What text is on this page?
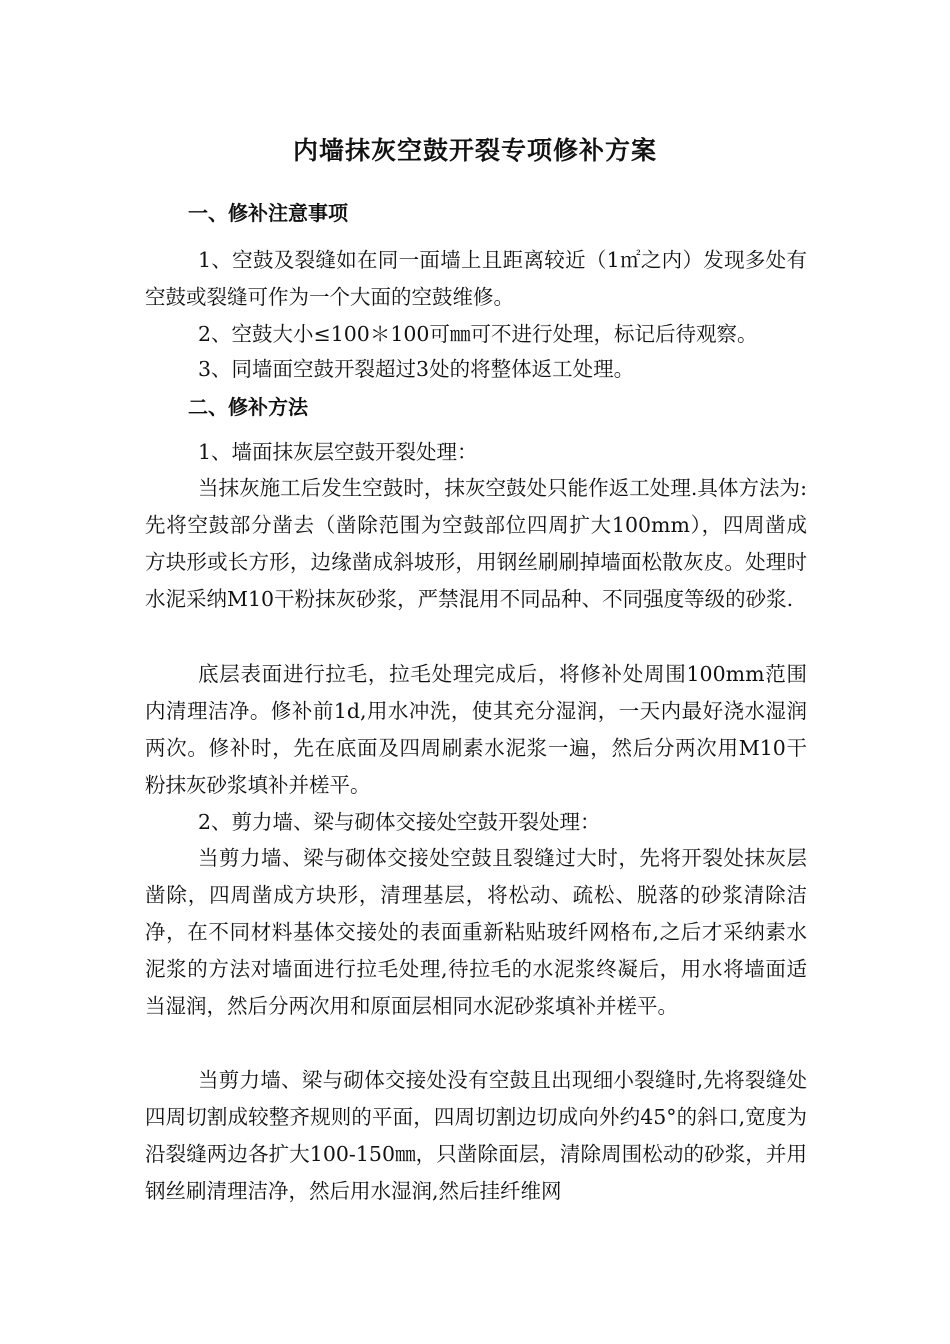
内墙抹灰空鼓开裂专项修补方案
一、修补注意事项

1、空鼓及裂缝如在同一面墙上且距离较近（1㎡之内）发现多处有空鼓或裂缝可作为一个大面的空鼓维修。

2、空鼓大小≤100＊100可㎜可不进行处理，标记后待观察。

3、同墙面空鼓开裂超过3处的将整体返工处理。

二、修补方法

1、墙面抹灰层空鼓开裂处理：

当抹灰施工后发生空鼓时，抹灰空鼓处只能作返工处理.具体方法为:先将空鼓部分凿去（凿除范围为空鼓部位四周扩大100mm），四周凿成方块形或长方形，边缘凿成斜坡形，用钢丝刷刷掉墙面松散灰皮。处理时水泥采纳M10干粉抹灰砂浆，严禁混用不同品种、不同强度等级的砂浆.

底层表面进行拉毛，拉毛处理完成后，将修补处周围100mm范围内清理洁净。修补前1d,用水冲洗，使其充分湿润，一天内最好浇水湿润两次。修补时，先在底面及四周刷素水泥浆一遍，然后分两次用M10干粉抹灰砂浆填补并槎平。

2、剪力墙、梁与砌体交接处空鼓开裂处理：

当剪力墙、梁与砌体交接处空鼓且裂缝过大时，先将开裂处抹灰层凿除，四周凿成方块形，清理基层，将松动、疏松、脱落的砂浆清除洁净，在不同材料基体交接处的表面重新粘贴玻纤网格布,之后才采纳素水泥浆的方法对墙面进行拉毛处理,待拉毛的水泥浆终凝后，用水将墙面适当湿润，然后分两次用和原面层相同水泥砂浆填补并槎平。

当剪力墙、梁与砌体交接处没有空鼓且出现细小裂缝时,先将裂缝处四周切割成较整齐规则的平面，四周切割边切成向外约45°的斜口,宽度为沿裂缝两边各扩大100-150㎜，只凿除面层，清除周围松动的砂浆，并用钢丝刷清理洁净，然后用水湿润,然后挂纤维网
